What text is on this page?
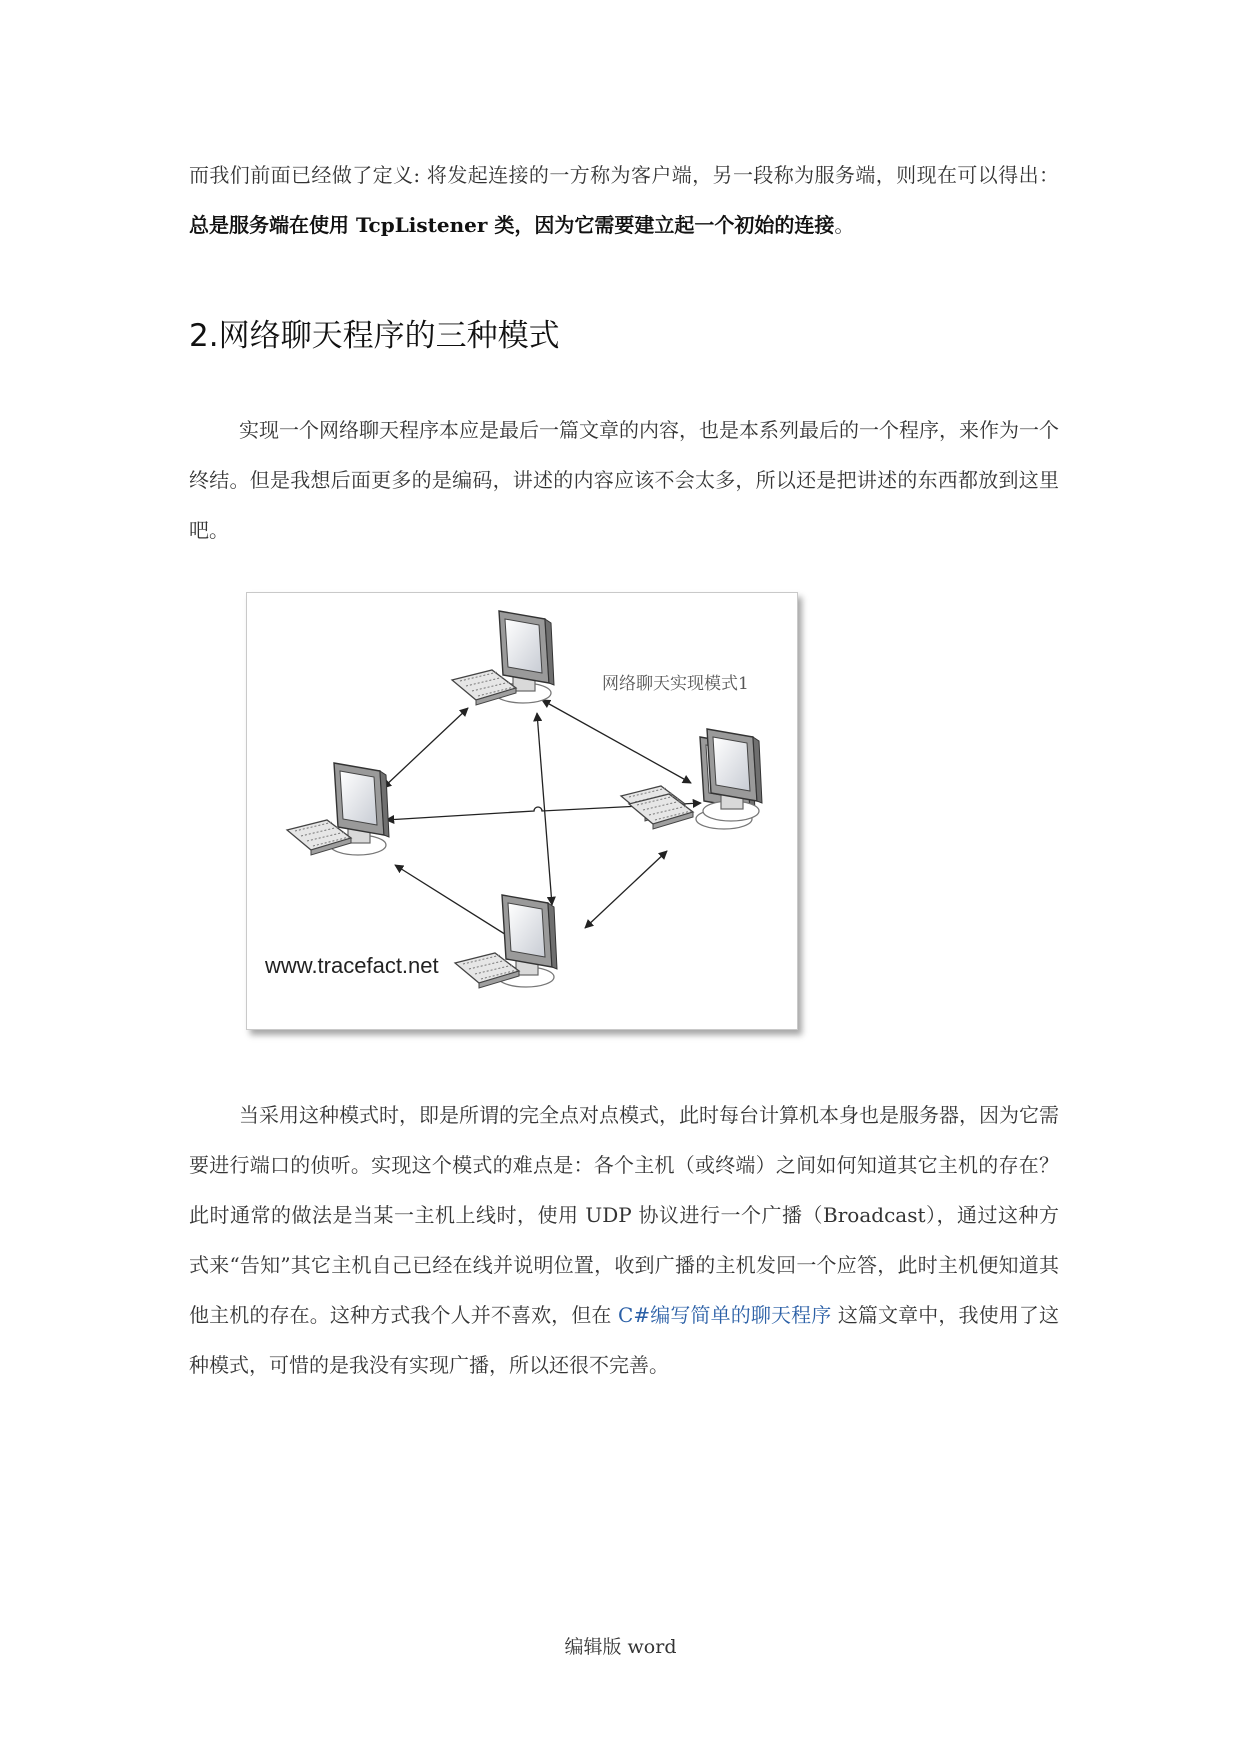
而我们前面已经做了定义: 将发起连接的一方称为客户端，另一段称为服务端，则现在可以得出：总是服务端在使用 TcpListener 类，因为它需要建立起一个初始的连接。

2.网络聊天程序的三种模式

实现一个网络聊天程序本应是最后一篇文章的内容，也是本系列最后的一个程序，来作为一个终结。但是我想后面更多的是编码，讲述的内容应该不会太多，所以还是把讲述的东西都放到这里吧。

网络聊天实现模式1
www.tracefact.net

当采用这种模式时，即是所谓的完全点对点模式，此时每台计算机本身也是服务器，因为它需要进行端口的侦听。实现这个模式的难点是：各个主机（或终端）之间如何知道其它主机的存在？此时通常的做法是当某一主机上线时，使用 UDP 协议进行一个广播（Broadcast），通过这种方式来“告知”其它主机自己已经在线并说明位置，收到广播的主机发回一个应答，此时主机便知道其他主机的存在。这种方式我个人并不喜欢，但在 C#编写简单的聊天程序 这篇文章中，我使用了这种模式，可惜的是我没有实现广播，所以还很不完善。

编辑版 word
